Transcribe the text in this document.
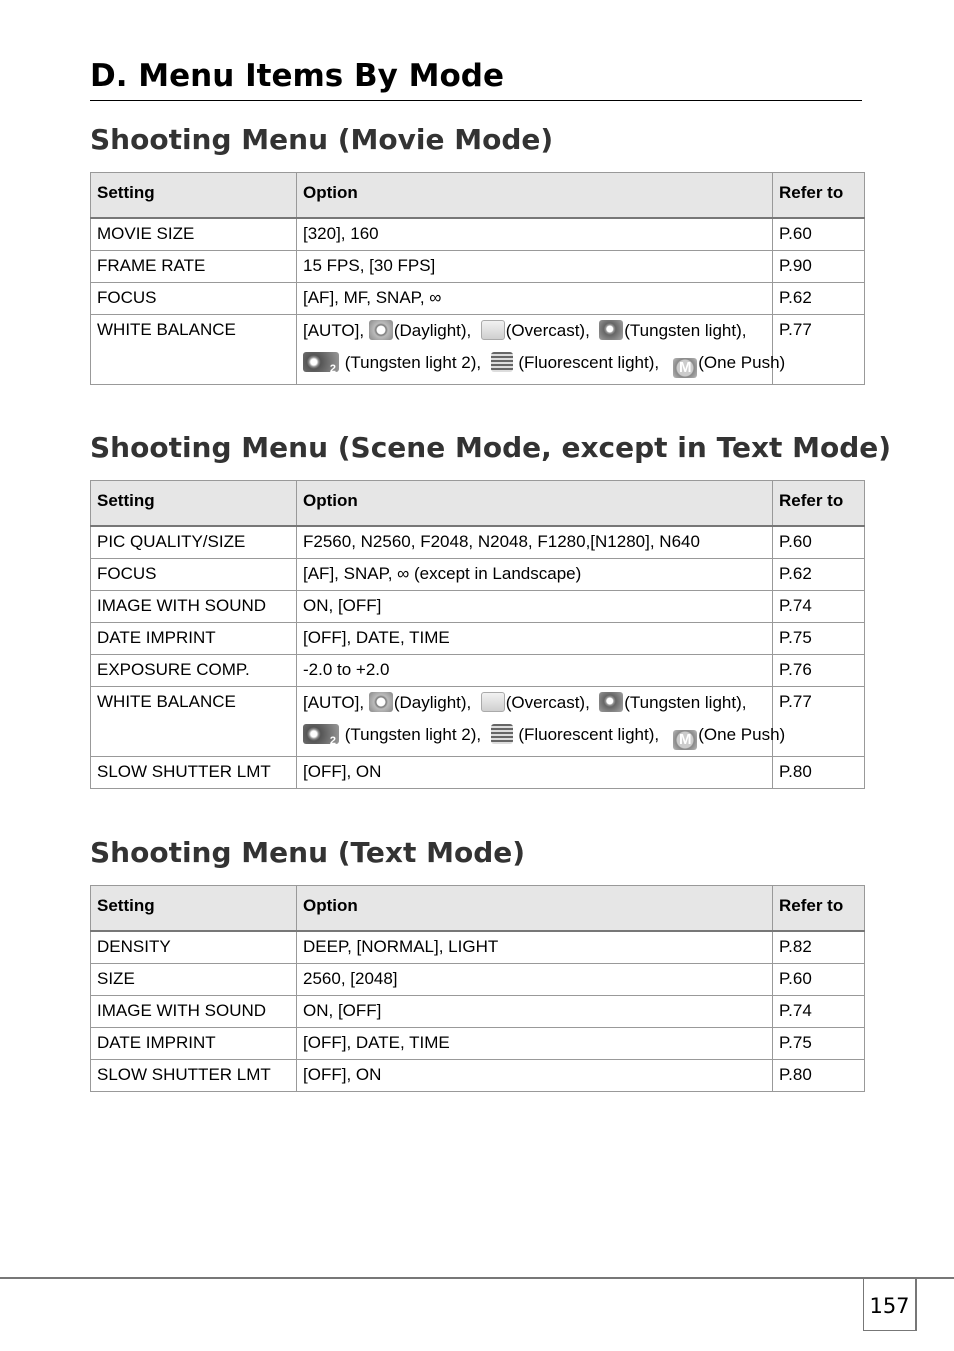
D. Menu Items By Mode
Shooting Menu (Movie Mode)
Setting	Option	Refer to
MOVIE SIZE	[320], 160	P.60
FRAME RATE	15 FPS, [30 FPS]	P.90
FOCUS	[AF], MF, SNAP, ∞	P.62
WHITE BALANCE	[AUTO], (Daylight), (Overcast), (Tungsten light),
2 (Tungsten light 2), (Fluorescent light), M (One Push)	P.77
Shooting Menu (Scene Mode, except in Text Mode)
Setting	Option	Refer to
PIC QUALITY/SIZE	F2560, N2560, F2048, N2048, F1280,[N1280], N640	P.60
FOCUS	[AF], SNAP, ∞ (except in Landscape)	P.62
IMAGE WITH SOUND	ON, [OFF]	P.74
DATE IMPRINT	[OFF], DATE, TIME	P.75
EXPOSURE COMP.	-2.0 to +2.0	P.76
WHITE BALANCE	[AUTO], (Daylight), (Overcast), (Tungsten light),
2 (Tungsten light 2), (Fluorescent light), M (One Push)	P.77
SLOW SHUTTER LMT	[OFF], ON	P.80
Shooting Menu (Text Mode)
Setting	Option	Refer to
DENSITY	DEEP, [NORMAL], LIGHT	P.82
SIZE	2560, [2048]	P.60
IMAGE WITH SOUND	ON, [OFF]	P.74
DATE IMPRINT	[OFF], DATE, TIME	P.75
SLOW SHUTTER LMT	[OFF], ON	P.80
157
